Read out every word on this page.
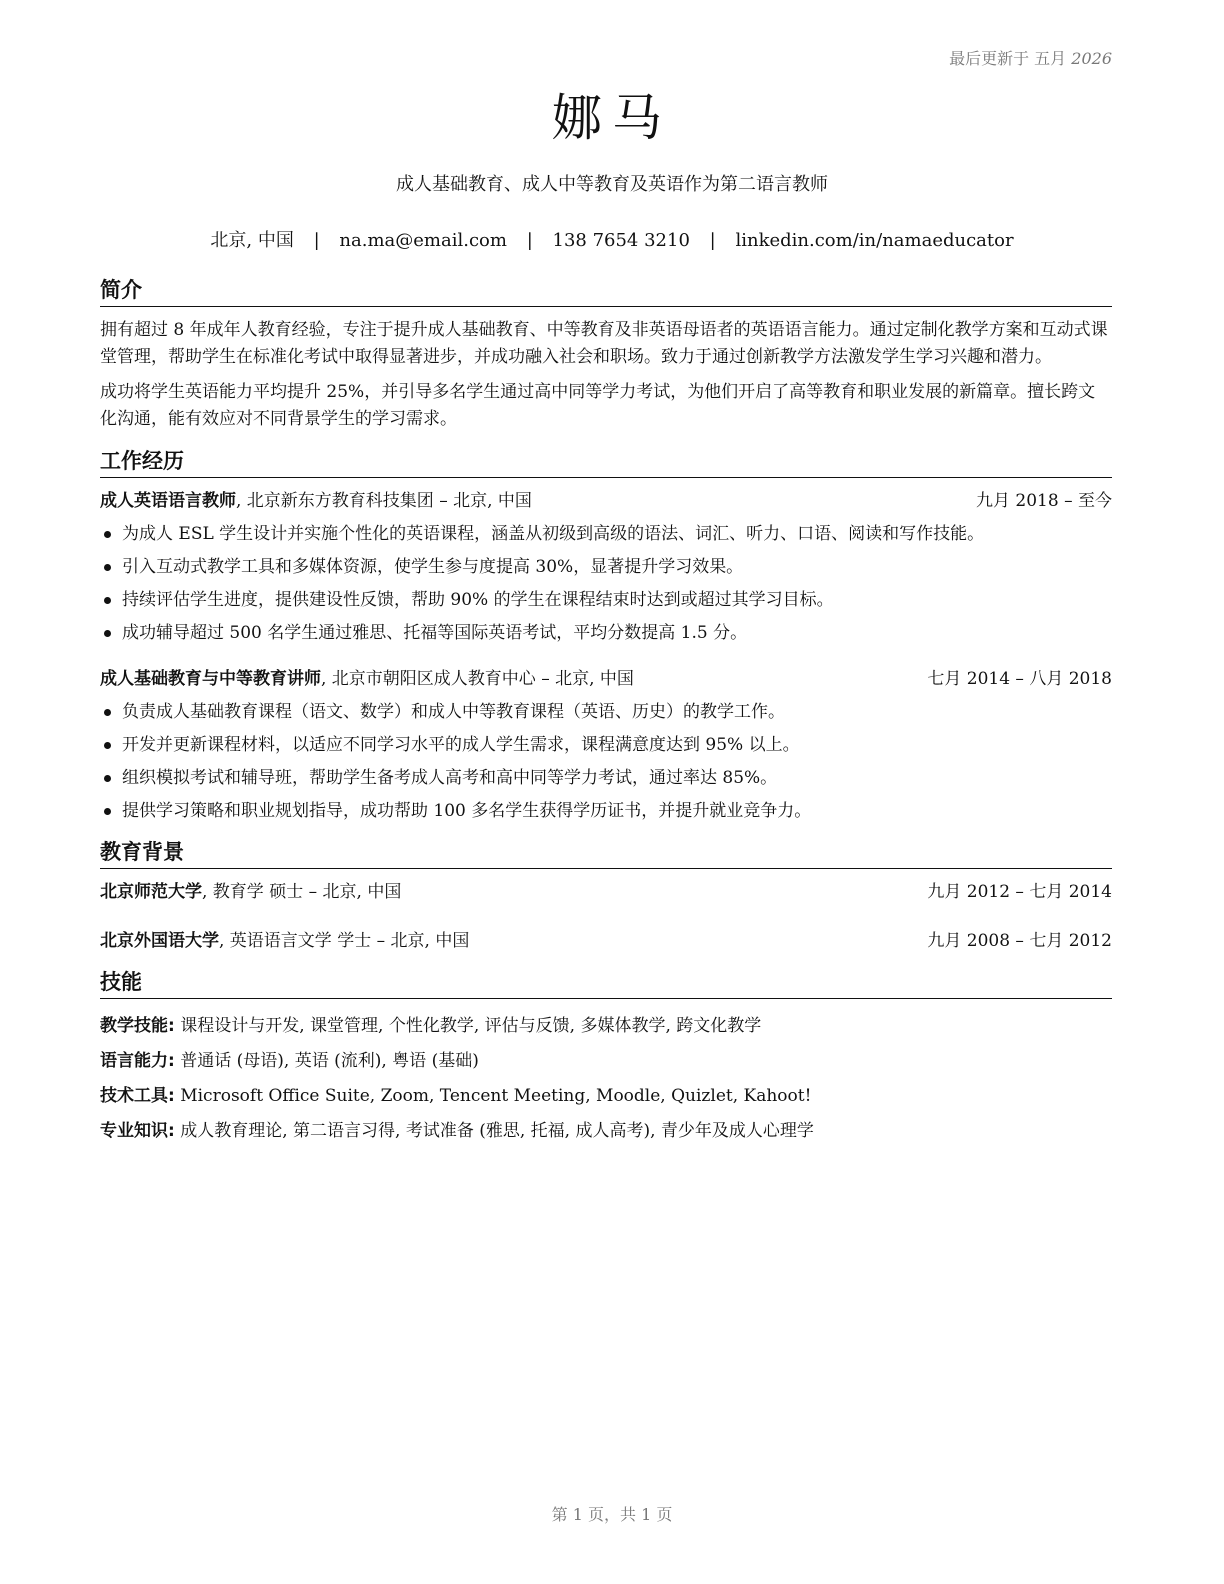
最后更新于 五月 2026
娜马
成人基础教育、成人中等教育及英语作为第二语言教师
北京, 中国 | na.ma@email.com | 138 7654 3210 | linkedin.com/in/namaeducator
简介

拥有超过 8 年成年人教育经验，专注于提升成人基础教育、中等教育及非英语母语者的英语语言能力。通过定制化教学方案和互动式课堂管理，帮助学生在标准化考试中取得显著进步，并成功融入社会和职场。致力于通过创新教学方法激发学生学习兴趣和潜力。

成功将学生英语能力平均提升 25%，并引导多名学生通过高中同等学力考试，为他们开启了高等教育和职业发展的新篇章。擅长跨文化沟通，能有效应对不同背景学生的学习需求。

工作经历
成人英语语言教师, 北京新东方教育科技集团 – 北京, 中国	九月 2018 – 至今
为成人 ESL 学生设计并实施个性化的英语课程，涵盖从初级到高级的语法、词汇、听力、口语、阅读和写作技能。
引入互动式教学工具和多媒体资源，使学生参与度提高 30%，显著提升学习效果。
持续评估学生进度，提供建设性反馈，帮助 90% 的学生在课程结束时达到或超过其学习目标。
成功辅导超过 500 名学生通过雅思、托福等国际英语考试，平均分数提高 1.5 分。
成人基础教育与中等教育讲师, 北京市朝阳区成人教育中心 – 北京, 中国	七月 2014 – 八月 2018
负责成人基础教育课程（语文、数学）和成人中等教育课程（英语、历史）的教学工作。
开发并更新课程材料，以适应不同学习水平的成人学生需求，课程满意度达到 95% 以上。
组织模拟考试和辅导班，帮助学生备考成人高考和高中同等学力考试，通过率达 85%。
提供学习策略和职业规划指导，成功帮助 100 多名学生获得学历证书，并提升就业竞争力。
教育背景
北京师范大学, 教育学 硕士 – 北京, 中国	九月 2012 – 七月 2014
北京外国语大学, 英语语言文学 学士 – 北京, 中国	九月 2008 – 七月 2012
技能
教学技能: 课程设计与开发, 课堂管理, 个性化教学, 评估与反馈, 多媒体教学, 跨文化教学
语言能力: 普通话 (母语), 英语 (流利), 粤语 (基础)
技术工具: Microsoft Office Suite, Zoom, Tencent Meeting, Moodle, Quizlet, Kahoot!
专业知识: 成人教育理论, 第二语言习得, 考试准备 (雅思, 托福, 成人高考), 青少年及成人心理学
第 1 页，共 1 页
